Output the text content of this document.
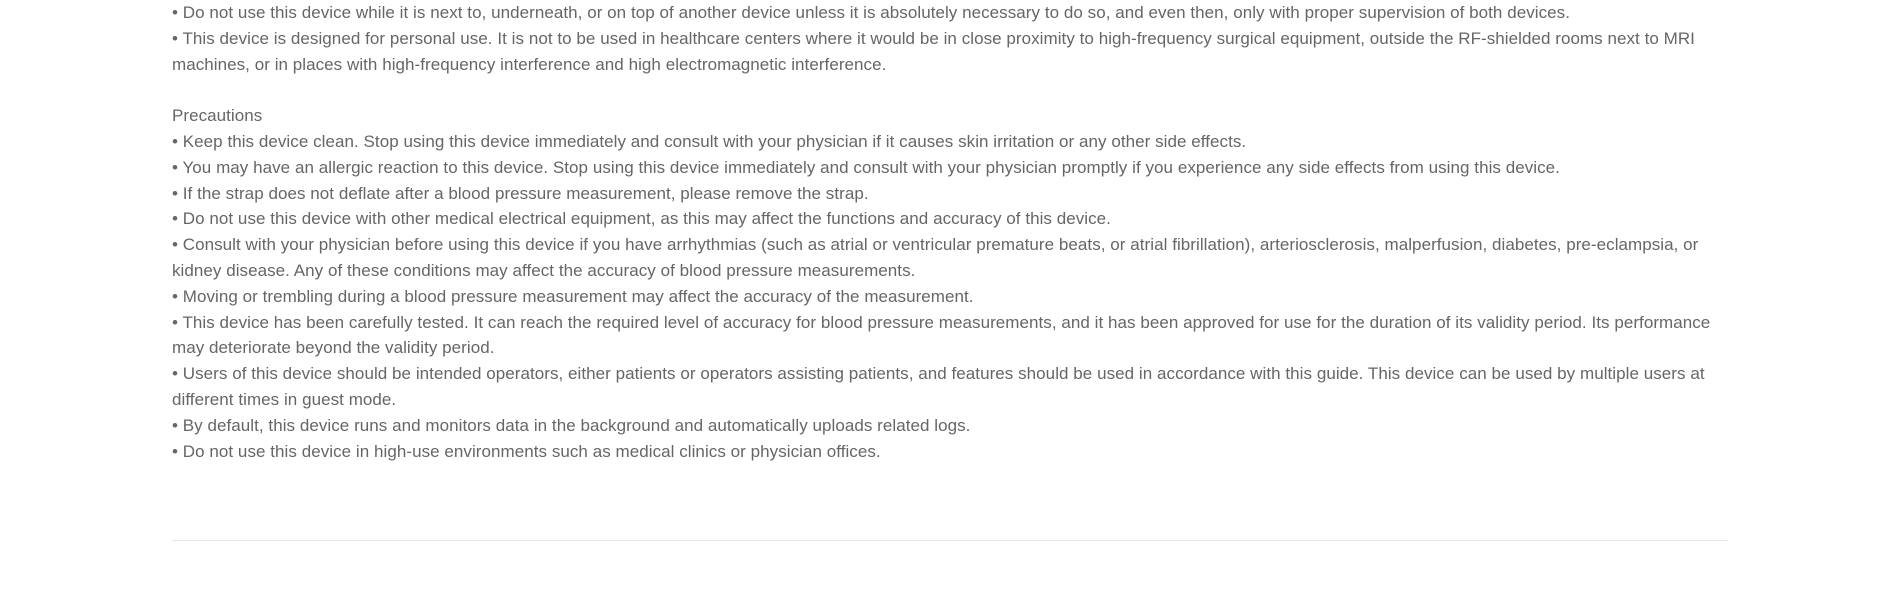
• Do not use this device while it is next to, underneath, or on top of another device unless it is absolutely necessary to do so, and even then, only with proper supervision of both devices.

• This device is designed for personal use. It is not to be used in healthcare centers where it would be in close proximity to high-frequency surgical equipment, outside the RF-shielded rooms next to MRI machines, or in places with high-frequency interference and high electromagnetic interference.

Precautions

• Keep this device clean. Stop using this device immediately and consult with your physician if it causes skin irritation or any other side effects.

• You may have an allergic reaction to this device. Stop using this device immediately and consult with your physician promptly if you experience any side effects from using this device.

• If the strap does not deflate after a blood pressure measurement, please remove the strap.

• Do not use this device with other medical electrical equipment, as this may affect the functions and accuracy of this device.

• Consult with your physician before using this device if you have arrhythmias (such as atrial or ventricular premature beats, or atrial fibrillation), arteriosclerosis, malperfusion, diabetes, pre-eclampsia, or kidney disease. Any of these conditions may affect the accuracy of blood pressure measurements.

• Moving or trembling during a blood pressure measurement may affect the accuracy of the measurement.

• This device has been carefully tested. It can reach the required level of accuracy for blood pressure measurements, and it has been approved for use for the duration of its validity period. Its performance may deteriorate beyond the validity period.

• Users of this device should be intended operators, either patients or operators assisting patients, and features should be used in accordance with this guide. This device can be used by multiple users at different times in guest mode.

• By default, this device runs and monitors data in the background and automatically uploads related logs.

• Do not use this device in high-use environments such as medical clinics or physician offices.
